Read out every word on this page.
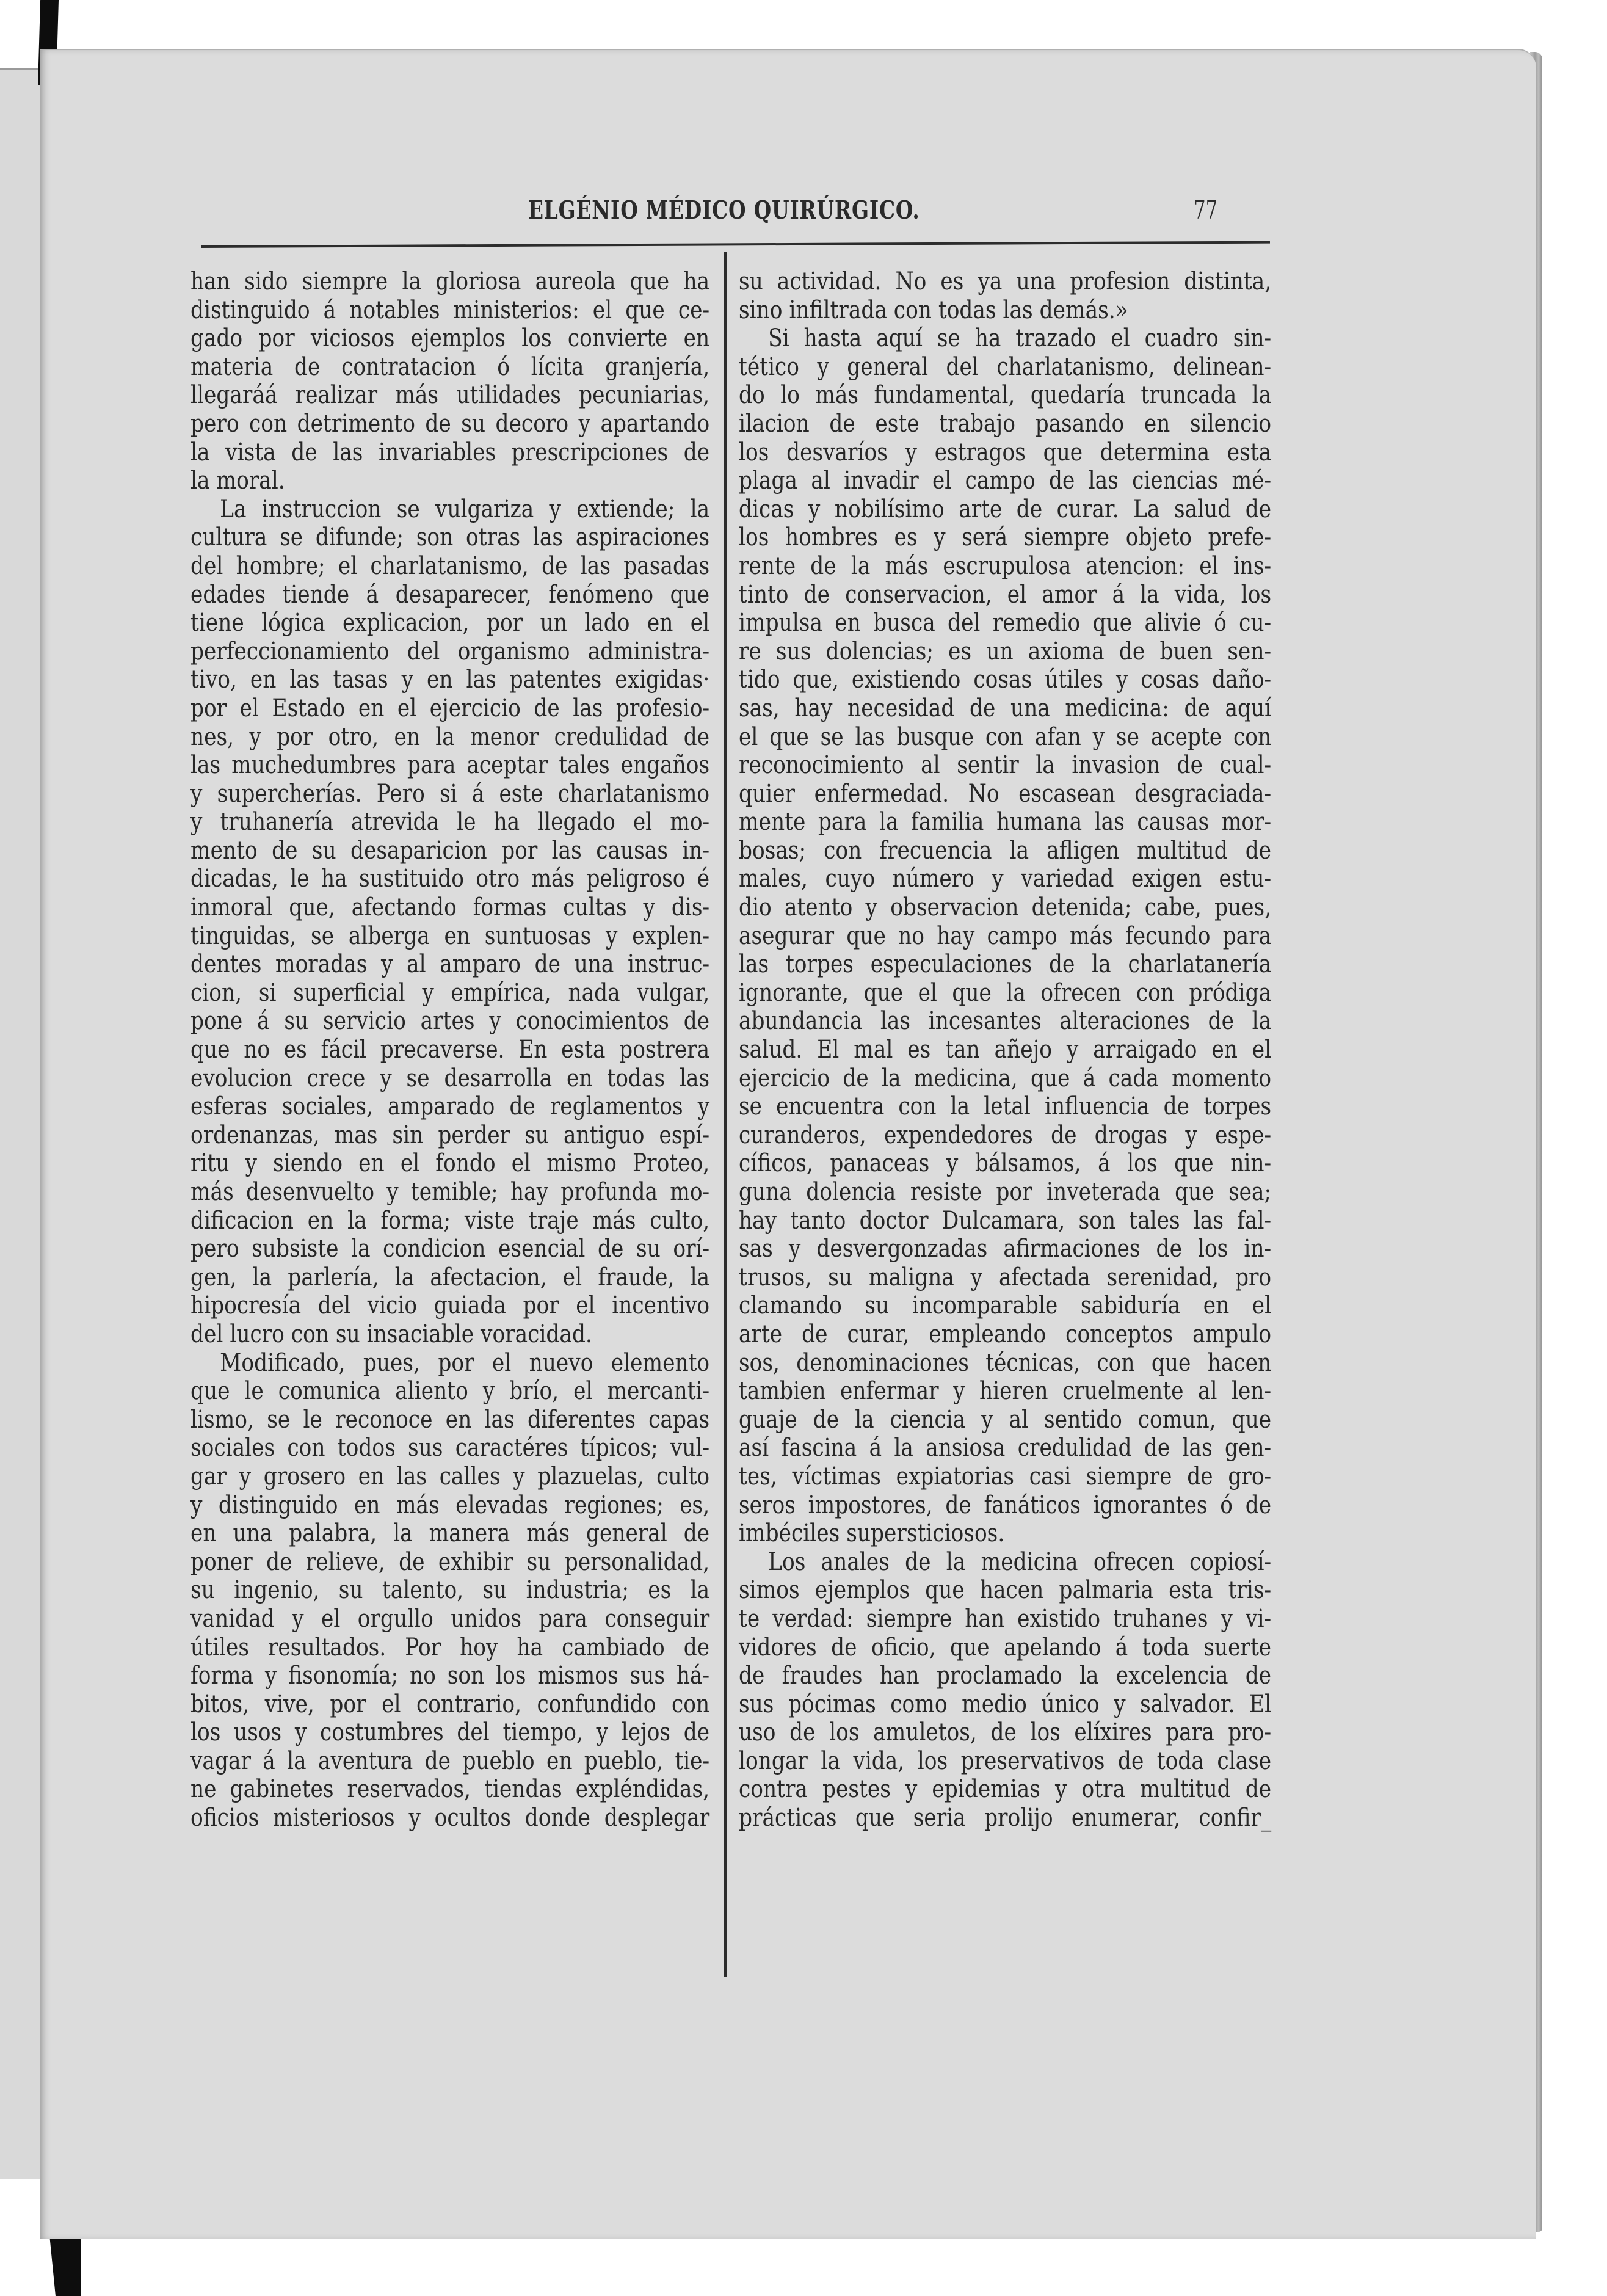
ELGÉNIO MÉDICO QUIRÚRGICO.	77
han sido siempre la gloriosa aureola que ha
distinguido á notables ministerios: el que ce-
gado por viciosos ejemplos los convierte en
materia de contratacion ó lícita granjería,
llegaráá realizar más utilidades pecuniarias,
pero con detrimento de su decoro y apartando
la vista de las invariables prescripciones de
la moral.
La instruccion se vulgariza y extiende; la
cultura se difunde; son otras las aspiraciones
del hombre; el charlatanismo, de las pasadas
edades tiende á desaparecer, fenómeno que
tiene lógica explicacion, por un lado en el
perfeccionamiento del organismo administra-
tivo, en las tasas y en las patentes exigidas·
por el Estado en el ejercicio de las profesio-
nes, y por otro, en la menor credulidad de
las muchedumbres para aceptar tales engaños
y supercherías. Pero si á este charlatanismo
y truhanería atrevida le ha llegado el mo-
mento de su desaparicion por las causas in-
dicadas, le ha sustituido otro más peligroso é
inmoral que, afectando formas cultas y dis-
tinguidas, se alberga en suntuosas y explen-
dentes moradas y al amparo de una instruc-
cion, si superficial y empírica, nada vulgar,
pone á su servicio artes y conocimientos de
que no es fácil precaverse. En esta postrera
evolucion crece y se desarrolla en todas las
esferas sociales, amparado de reglamentos y
ordenanzas, mas sin perder su antiguo espí-
ritu y siendo en el fondo el mismo Proteo,
más desenvuelto y temible; hay profunda mo-
dificacion en la forma; viste traje más culto,
pero subsiste la condicion esencial de su orí-
gen, la parlería, la afectacion, el fraude, la
hipocresía del vicio guiada por el incentivo
del lucro con su insaciable voracidad.
Modificado, pues, por el nuevo elemento
que le comunica aliento y brío, el mercanti-
lismo, se le reconoce en las diferentes capas
sociales con todos sus caractéres típicos; vul-
gar y grosero en las calles y plazuelas, culto
y distinguido en más elevadas regiones; es,
en una palabra, la manera más general de
poner de relieve, de exhibir su personalidad,
su ingenio, su talento, su industria; es la
vanidad y el orgullo unidos para conseguir
útiles resultados. Por hoy ha cambiado de
forma y fisonomía; no son los mismos sus há-
bitos, vive, por el contrario, confundido con
los usos y costumbres del tiempo, y lejos de
vagar á la aventura de pueblo en pueblo, tie-
ne gabinetes reservados, tiendas expléndidas,
oficios misteriosos y ocultos donde desplegar
su actividad. No es ya una profesion distinta,
sino infiltrada con todas las demás.»
Si hasta aquí se ha trazado el cuadro sin-
tético y general del charlatanismo, delinean-
do lo más fundamental, quedaría truncada la
ilacion de este trabajo pasando en silencio
los desvaríos y estragos que determina esta
plaga al invadir el campo de las ciencias mé-
dicas y nobilísimo arte de curar. La salud de
los hombres es y será siempre objeto prefe-
rente de la más escrupulosa atencion: el ins-
tinto de conservacion, el amor á la vida, los
impulsa en busca del remedio que alivie ó cu-
re sus dolencias; es un axioma de buen sen-
tido que, existiendo cosas útiles y cosas daño-
sas, hay necesidad de una medicina: de aquí
el que se las busque con afan y se acepte con
reconocimiento al sentir la invasion de cual-
quier enfermedad. No escasean desgraciada-
mente para la familia humana las causas mor-
bosas; con frecuencia la afligen multitud de
males, cuyo número y variedad exigen estu-
dio atento y observacion detenida; cabe, pues,
asegurar que no hay campo más fecundo para
las torpes especulaciones de la charlatanería
ignorante, que el que la ofrecen con pródiga
abundancia las incesantes alteraciones de la
salud. El mal es tan añejo y arraigado en el
ejercicio de la medicina, que á cada momento
se encuentra con la letal influencia de torpes
curanderos, expendedores de drogas y espe-
cíficos, panaceas y bálsamos, á los que nin-
guna dolencia resiste por inveterada que sea;
hay tanto doctor Dulcamara, son tales las fal-
sas y desvergonzadas afirmaciones de los in-
trusos, su maligna y afectada serenidad, pro
clamando su incomparable sabiduría en el
arte de curar, empleando conceptos ampulo
sos, denominaciones técnicas, con que hacen
tambien enfermar y hieren cruelmente al len-
guaje de la ciencia y al sentido comun, que
así fascina á la ansiosa credulidad de las gen-
tes, víctimas expiatorias casi siempre de gro-
seros impostores, de fanáticos ignorantes ó de
imbéciles supersticiosos.
Los anales de la medicina ofrecen copiosí-
simos ejemplos que hacen palmaria esta tris-
te verdad: siempre han existido truhanes y vi-
vidores de oficio, que apelando á toda suerte
de fraudes han proclamado la excelencia de
sus pócimas como medio único y salvador. El
uso de los amuletos, de los elíxires para pro-
longar la vida, los preservativos de toda clase
contra pestes y epidemias y otra multitud de
prácticas que seria prolijo enumerar, confir_
